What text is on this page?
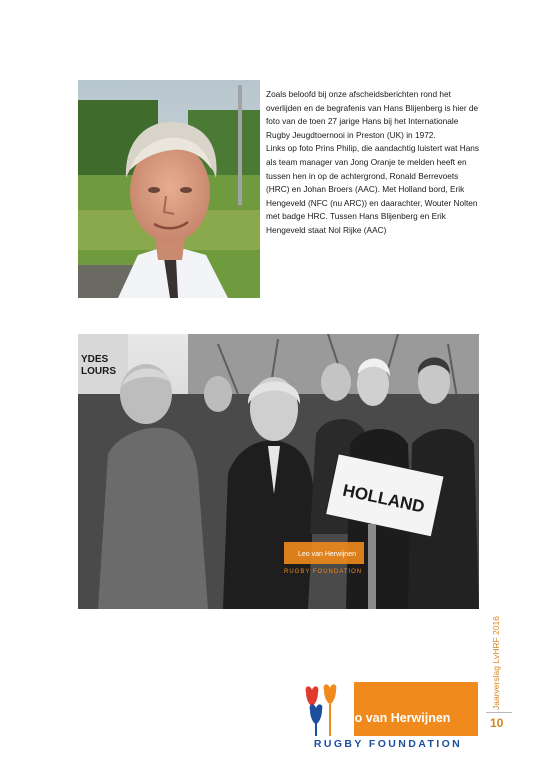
Zoals beloofd bij onze afscheidsberichten rond het overlijden en de begrafenis van Hans Blijenberg is hier de foto van de toen 27 jarige Hans bij het Internationale Rugby Jeugdtoernooi in Preston (UK) in 1972.

Links op foto Prins Philip, die aandachtig luistert wat Hans als team manager van Jong Oranje te melden heeft en tussen hen in op de achtergrond, Ronald Berrevoets (HRC) en Johan Broers (AAC). Met Holland bord, Erik Hengeveld (NFC (nu ARC)) en daarachter, Wouter Nolten met badge HRC. Tussen Hans Blijenberg en Erik Hengeveld staat Nol Rijke (AAC)

YDES
LOURS
HOLLAND
Leo van Herwijnen
RUGBY FOUNDATION
Jaarverslag LvHRF 2016
10
Leo van Herwijnen
RUGBY FOUNDATION
